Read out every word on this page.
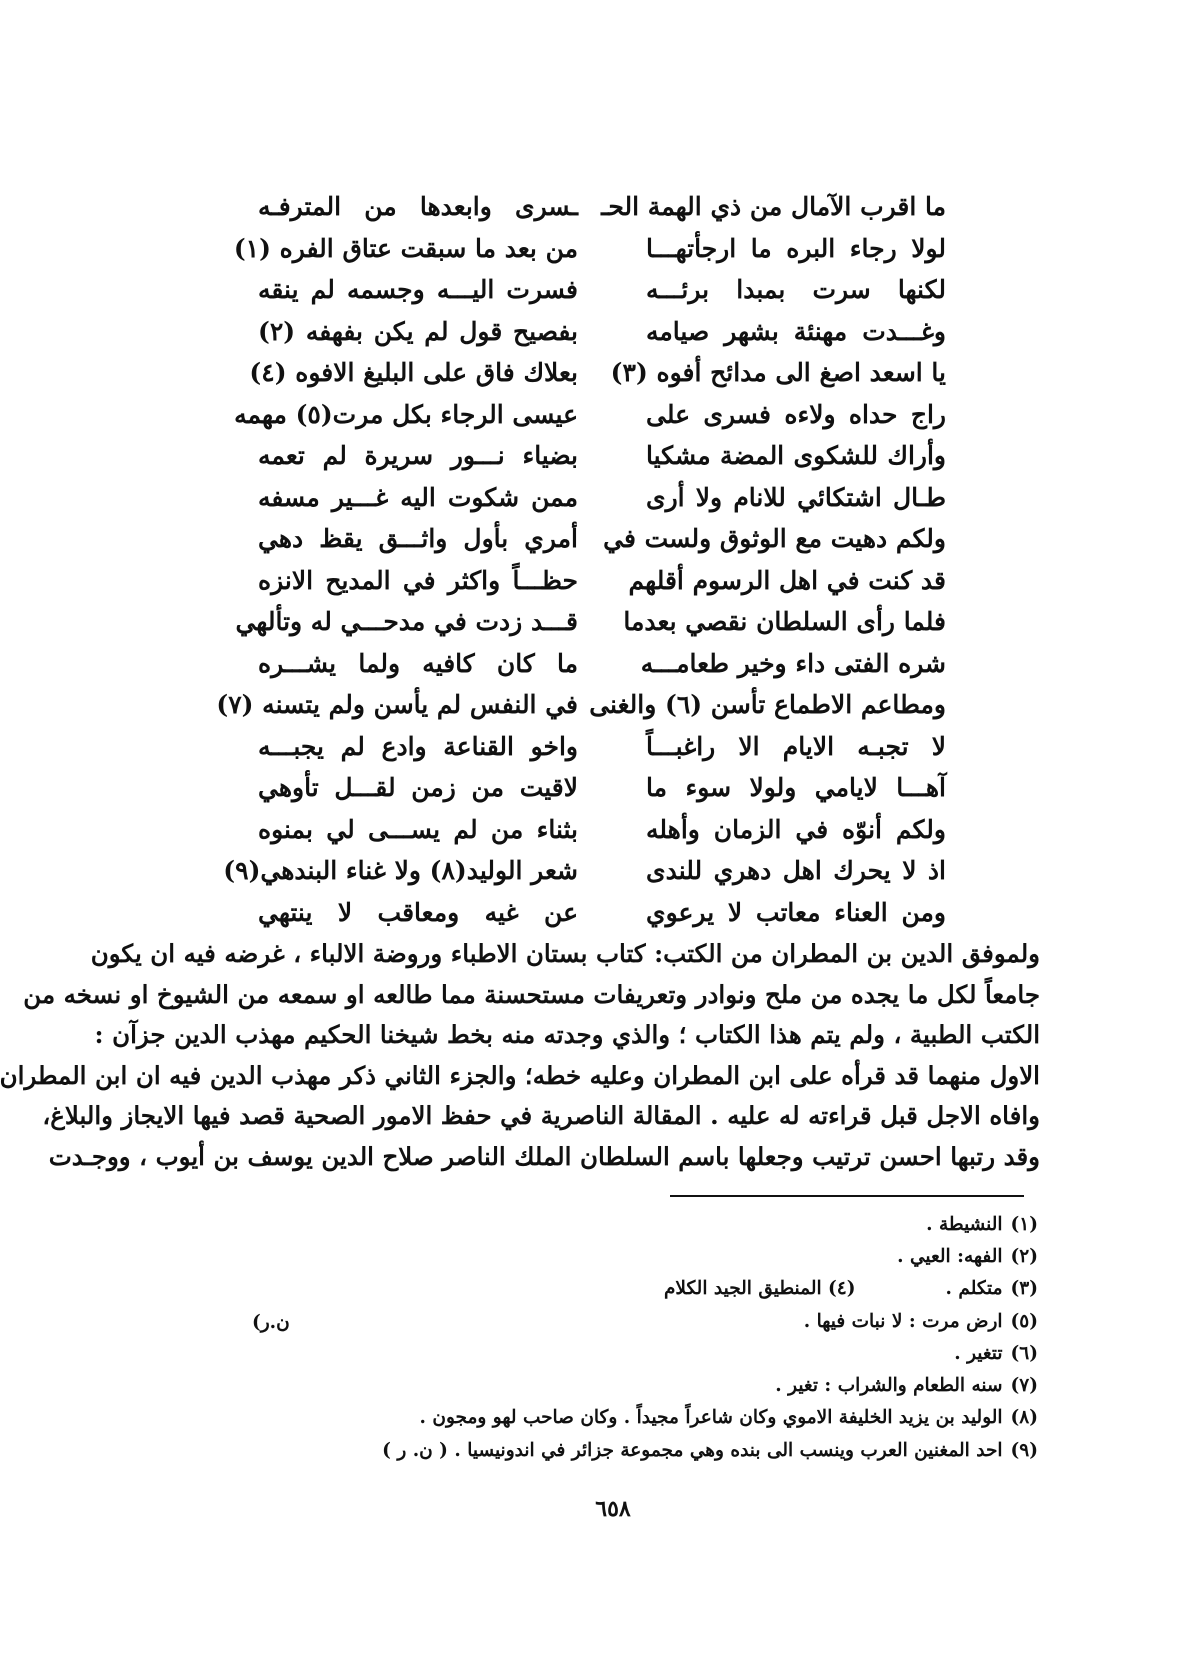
ما اقرب الآمال من ذي الهمة الحـ
ـسرى وابعدها من المترفـه
لولا رجاء البره ما ارجأتهـــا
من بعد ما سبقت عتاق الفره (١)
لكنها سرت بمبدا برئـــه
فسرت اليـــه وجسمه لم ينقه
وغـــدت مهنئة بشهر صيامه
بفصيح قول لم يكن بفهفه (٢)
يا اسعد اصغ الى مدائح أفوه (٣)
بعلاك فاق على البليغ الافوه (٤)
راج حداه ولاءه فسرى على
عيسى الرجاء بكل مرت(٥) مهمه
وأراك للشكوى المضة مشكيا
بضياء نـــور سريرة لم تعمه
طـال اشتكائي للانام ولا أرى
ممن شكوت اليه غـــير مسفه
ولكم دهيت مع الوثوق ولست في
أمري بأول واثـــق يقظ دهي
قد كنت في اهل الرسوم أقلهم
حظـــاً واكثر في المديح الانزه
فلما رأى السلطان نقصي بعدما
قـــد زدت في مدحـــي له وتألهي
شره الفتى داء وخير طعامـــه
ما كان كافيه ولما يشـــره
ومطاعم الاطماع تأسن (٦) والغنى
في النفس لم يأسن ولم يتسنه (٧)
لا تجبـه الايام الا راغبـــاً
واخو القناعة وادع لم يجبـــه
آهـــا لايامي ولولا سوء ما
لاقيت من زمن لقـــل تأوهي
ولكم أنوّه في الزمان وأهله
بثناء من لم يســـى لي بمنوه
اذ لا يحرك اهل دهري للندى
شعر الوليد(٨) ولا غناء البندهي(٩)
ومن العناء معاتب لا يرعوي
عن غيه ومعاقب لا ينتهي
ولموفق الدين بن المطران من الكتب: كتاب بستان الاطباء وروضة الالباء ، غرضه فيه ان يكون
جامعاً لكل ما يجده من ملح ونوادر وتعريفات مستحسنة مما طالعه او سمعه من الشيوخ او نسخه من
الكتب الطبية ، ولم يتم هذا الكتاب ؛ والذي وجدته منه بخط شيخنا الحكيم مهذب الدين جزآن :
الاول منهما قد قرأه على ابن المطران وعليه خطه؛ والجزء الثاني ذكر مهذب الدين فيه ان ابن المطران
وافاه الاجل قبل قراءته له عليه . المقالة الناصرية في حفظ الامور الصحية قصد فيها الايجاز والبلاغ،
وقد رتبها احسن ترتيب وجعلها باسم السلطان الملك الناصر صلاح الدين يوسف بن أيوب ، ووجـدت
(١)
النشيطة .
(٢)
الفهه: العيي .
(٣)
متكلم .
(٤) المنطيق الجيد الكلام
(٥)
ارض مرت : لا نبات فيها .
(٦)
تتغير .
(٧)
سنه الطعام والشراب : تغير .
(٨)
الوليد بن يزيد الخليفة الاموي وكان شاعراً مجيداً . وكان صاحب لهو ومجون .
(٩)
احد المغنين العرب وينسب الى بنده وهي مجموعة جزائر في اندونيسيا . ( ن. ر )
ن.ر)
٦٥٨
